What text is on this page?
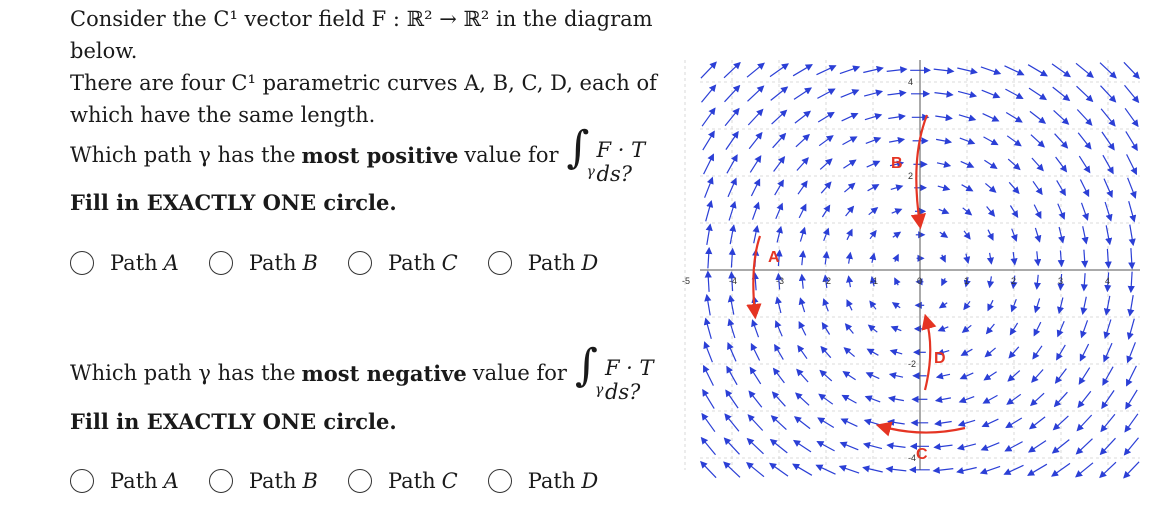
Consider the C¹ vector field F : ℝ² → ℝ² in the diagram below.
There are four C¹ parametric curves A, B, C, D, each of
which have the same length.
Which path γ has the most positive value for ∫ F · T ds?
γ
Fill in EXACTLY ONE circle.
Path A	Path B	Path C	Path D
Which path γ has the most negative value for ∫ F · T ds?
γ
Fill in EXACTLY ONE circle.
Path A	Path B	Path C	Path D
-5	-4	-3	-2	-1	0	1	2	3	4
4
2
-2
-4
A
B
C
D
